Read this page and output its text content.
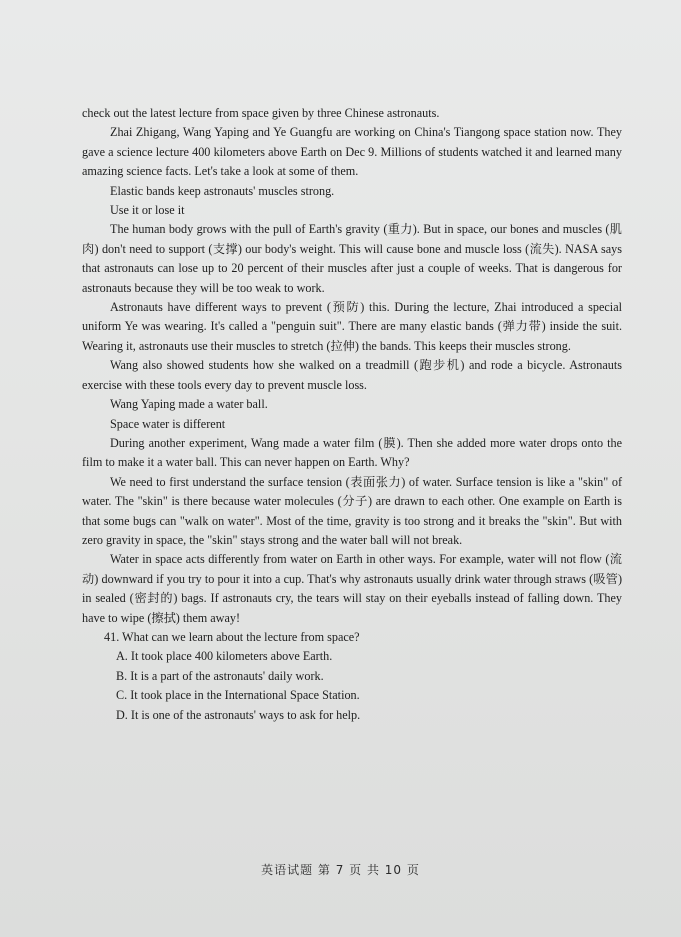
check out the latest lecture from space given by three Chinese astronauts.

Zhai Zhigang, Wang Yaping and Ye Guangfu are working on China's Tiangong space station now. They gave a science lecture 400 kilometers above Earth on Dec 9. Millions of students watched it and learned many amazing science facts. Let's take a look at some of them.

Elastic bands keep astronauts' muscles strong.

Use it or lose it

The human body grows with the pull of Earth's gravity (重力). But in space, our bones and muscles (肌肉) don't need to support (支撑) our body's weight. This will cause bone and muscle loss (流失). NASA says that astronauts can lose up to 20 percent of their muscles after just a couple of weeks. That is dangerous for astronauts because they will be too weak to work.

Astronauts have different ways to prevent (预防) this. During the lecture, Zhai introduced a special uniform Ye was wearing. It's called a "penguin suit". There are many elastic bands (弹力带) inside the suit. Wearing it, astronauts use their muscles to stretch (拉伸) the bands. This keeps their muscles strong.

Wang also showed students how she walked on a treadmill (跑步机) and rode a bicycle. Astronauts exercise with these tools every day to prevent muscle loss.

Wang Yaping made a water ball.

Space water is different

During another experiment, Wang made a water film (膜). Then she added more water drops onto the film to make it a water ball. This can never happen on Earth. Why?

We need to first understand the surface tension (表面张力) of water. Surface tension is like a "skin" of water. The "skin" is there because water molecules (分子) are drawn to each other. One example on Earth is that some bugs can "walk on water". Most of the time, gravity is too strong and it breaks the "skin". But with zero gravity in space, the "skin" stays strong and the water ball will not break.

Water in space acts differently from water on Earth in other ways. For example, water will not flow (流动) downward if you try to pour it into a cup. That's why astronauts usually drink water through straws (吸管) in sealed (密封的) bags. If astronauts cry, the tears will stay on their eyeballs instead of falling down. They have to wipe (擦拭) them away!

41. What can we learn about the lecture from space?

A. It took place 400 kilometers above Earth.

B. It is a part of the astronauts' daily work.

C. It took place in the International Space Station.

D. It is one of the astronauts' ways to ask for help.

英语试题 第 7 页 共 10 页
